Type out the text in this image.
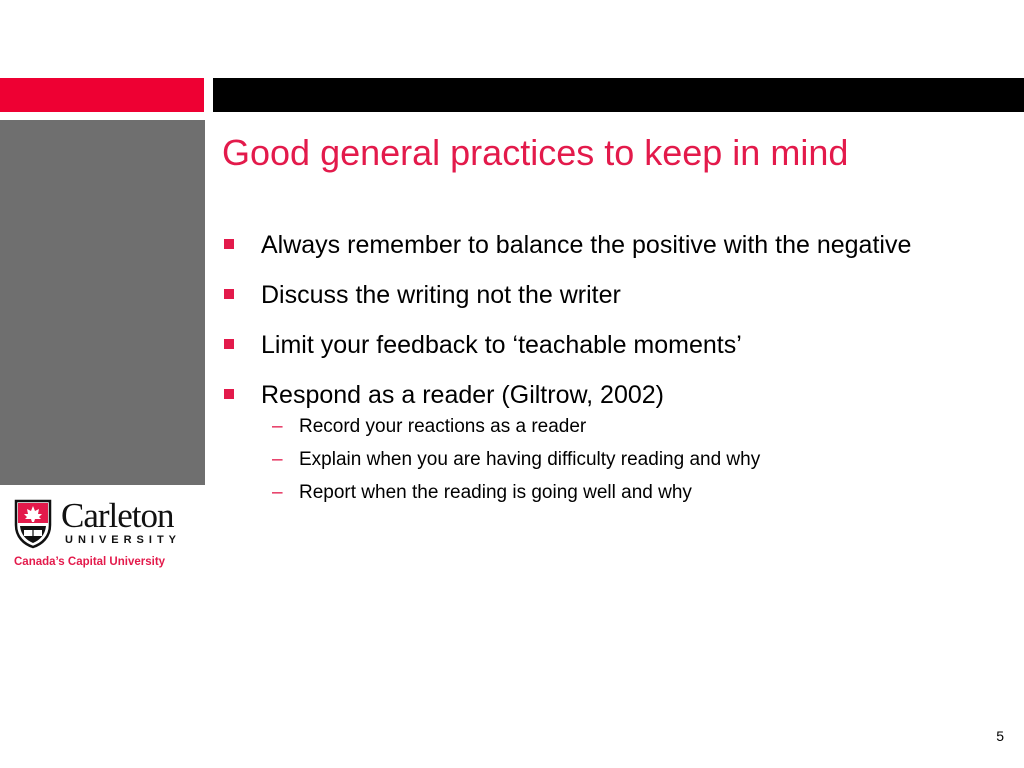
Good general practices to keep in mind
Always remember to balance the positive with the negative
Discuss the writing not the writer
Limit your feedback to ‘teachable moments’
Respond as a reader (Giltrow, 2002)
– Record your reactions as a reader
– Explain when you are having difficulty reading and why
– Report when the reading is going well and why
Carleton
UNIVERSITY
Canada’s Capital University
5
